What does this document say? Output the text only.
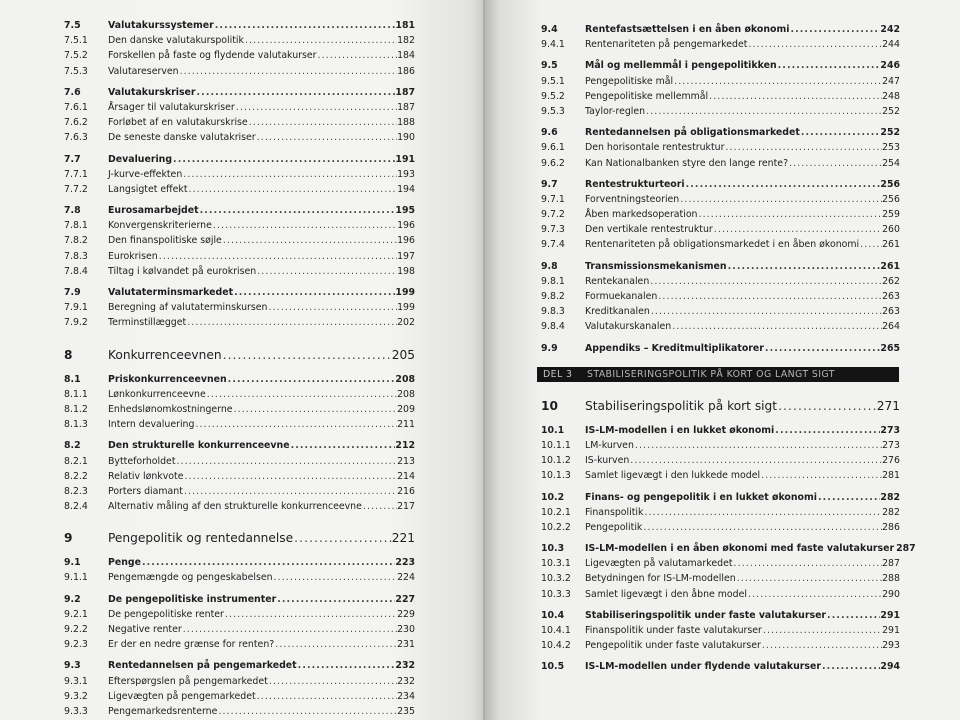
7.5	Valutakurssystemer .....	181
7.5.1	Den danske valutakurspolitik .....	182
7.5.2	Forskellen på faste og flydende valutakurser .....	184
7.5.3	Valutareserven .....	186
7.6	Valutakurskriser .....	187
7.6.1	Årsager til valutakurskriser .....	187
7.6.2	Forløbet af en valutakurskrise .....	188
7.6.3	De seneste danske valutakriser .....	190
7.7	Devaluering .....	191
7.7.1	J-kurve-effekten .....	193
7.7.2	Langsigtet effekt .....	194
7.8	Eurosamarbejdet .....	195
7.8.1	Konvergenskriterierne .....	196
7.8.2	Den finanspolitiske søjle .....	196
7.8.3	Eurokrisen .....	197
7.8.4	Tiltag i kølvandet på eurokrisen .....	198
7.9	Valutaterminsmarkedet .....	199
7.9.1	Beregning af valutaterminskursen .....	199
7.9.2	Terminstillægget .....	202
8	Konkurrenceevnen .....	205
8.1	Priskonkurrenceevnen .....	208
8.1.1	Lønkonkurrenceevne .....	208
8.1.2	Enhedslønomkostningerne .....	209
8.1.3	Intern devaluering .....	211
8.2	Den strukturelle konkurrenceevne .....	212
8.2.1	Bytteforholdet .....	213
8.2.2	Relativ lønkvote .....	214
8.2.3	Porters diamant .....	216
8.2.4	Alternativ måling af den strukturelle konkurrenceevne .....	217
9	Pengepolitik og rentedannelse .....	221
9.1	Penge .....	223
9.1.1	Pengemængde og pengeskabelsen .....	224
9.2	De pengepolitiske instrumenter .....	227
9.2.1	De pengepolitiske renter .....	229
9.2.2	Negative renter .....	230
9.2.3	Er der en nedre grænse for renten? .....	231
9.3	Rentedannelsen på pengemarkedet .....	232
9.3.1	Efterspørgslen på pengemarkedet .....	232
9.3.2	Ligevægten på pengemarkedet .....	234
9.3.3	Pengemarkedsrenterne .....	235
.....
9.4	Rentefastsættelsen i en åben økonomi .....	242
9.4.1	Renteпariteten på pengemarkedet .....	244
9.5	Mål og mellemmål i pengepolitikken .....	246
9.5.1	Pengepolitiske mål .....	247
9.5.2	Pengepolitiske mellemmål .....	248
9.5.3	Taylor-reglen .....	252
9.6	Rentedannelsen på obligationsmarkedet .....	252
9.6.1	Den horisontale rentestruktur .....	253
9.6.2	Kan Nationalbanken styre den lange rente? .....	254
9.7	Rentestrukturteori .....	256
9.7.1	Forventningsteorien .....	256
9.7.2	Åben markedsoperation .....	259
9.7.3	Den vertikale rentestruktur .....	260
9.7.4	Renteпariteten på obligationsmarkedet i en åben økonomi ..... 261
9.8	Transmissionsmekanismen .....	261
9.8.1	Rentekanalen .....	262
9.8.2	Formuekanalen .....	263
9.8.3	Kreditkanalen .....	263
9.8.4	Valutakurskanalen .....	264
9.9	Appendiks – Kreditmultiplikatorer .....	265
DEL 3 STABILISERINGSPOLITIK PÅ KORT OG LANGT SIGT
10	Stabiliseringspolitik på kort sigt .....	271
10.1	IS-LM-modellen i en lukket økonomi .....	273
10.1.1	LM-kurven .....	273
10.1.2	IS-kurven .....	276
10.1.3	Samlet ligevægt i den lukkede model .....	281
10.2	Finans- og pengepolitik i en lukket økonomi .....	282
10.2.1	Finanspolitik .....	282
10.2.2	Pengepolitik .....	286
10.3	IS-LM-modellen i en åben økonomi med faste valutakurser ..... 287
10.3.1	Ligevægten på valutamarkedet .....	287
10.3.2	Betydningen for IS-LM-modellen .....	288
10.3.3	Samlet ligevægt i den åbne model .....	290
10.4	Stabiliseringspolitik under faste valutakurser .....	291
10.4.1	Finanspolitik under faste valutakurser .....	291
10.4.2	Pengepolitik under faste valutakurser .....	293
10.5	IS-LM-modellen under flydende valutakurser .....	294
